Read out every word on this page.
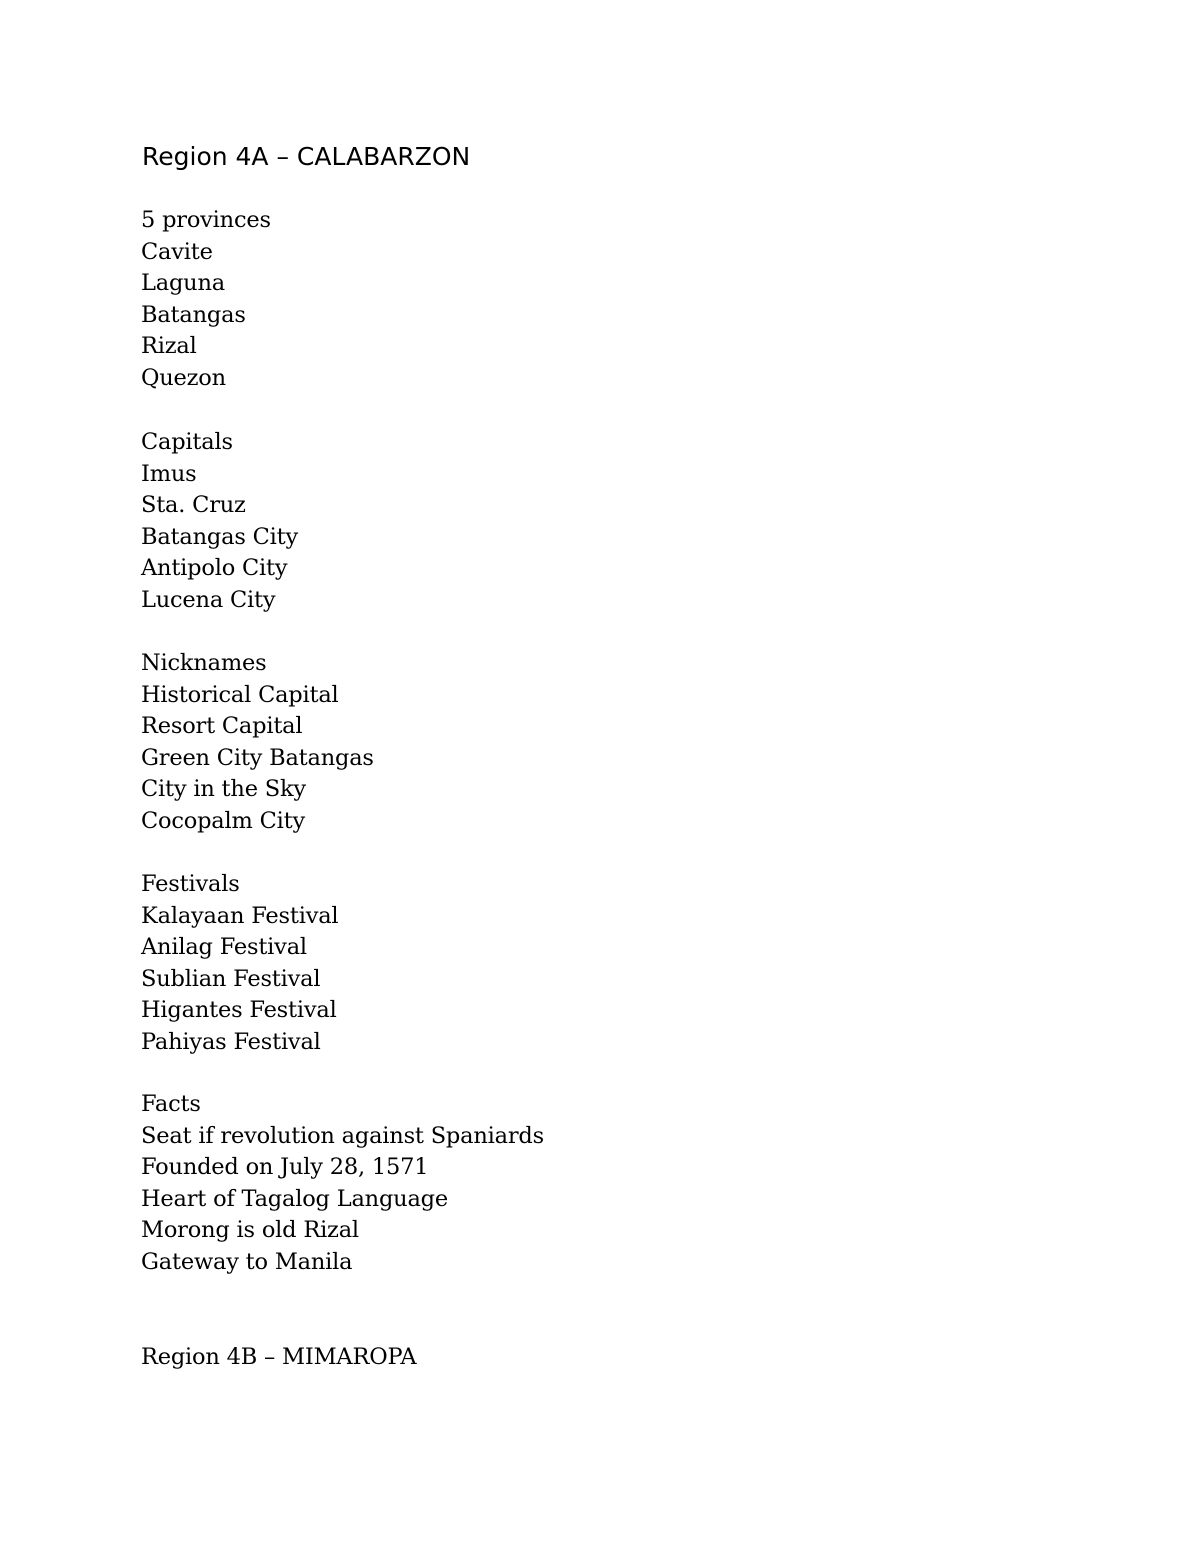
Region 4A – CALABARZON
5 provinces
Cavite
Laguna
Batangas
Rizal
Quezon
Capitals
Imus
Sta. Cruz
Batangas City
Antipolo City
Lucena City
Nicknames
Historical Capital
Resort Capital
Green City Batangas
City in the Sky
Cocopalm City
Festivals
Kalayaan Festival
Anilag Festival
Sublian Festival
Higantes Festival
Pahiyas Festival
Facts
Seat if revolution against Spaniards
Founded on July 28, 1571
Heart of Tagalog Language
Morong is old Rizal
Gateway to Manila
Region 4B – MIMAROPA
